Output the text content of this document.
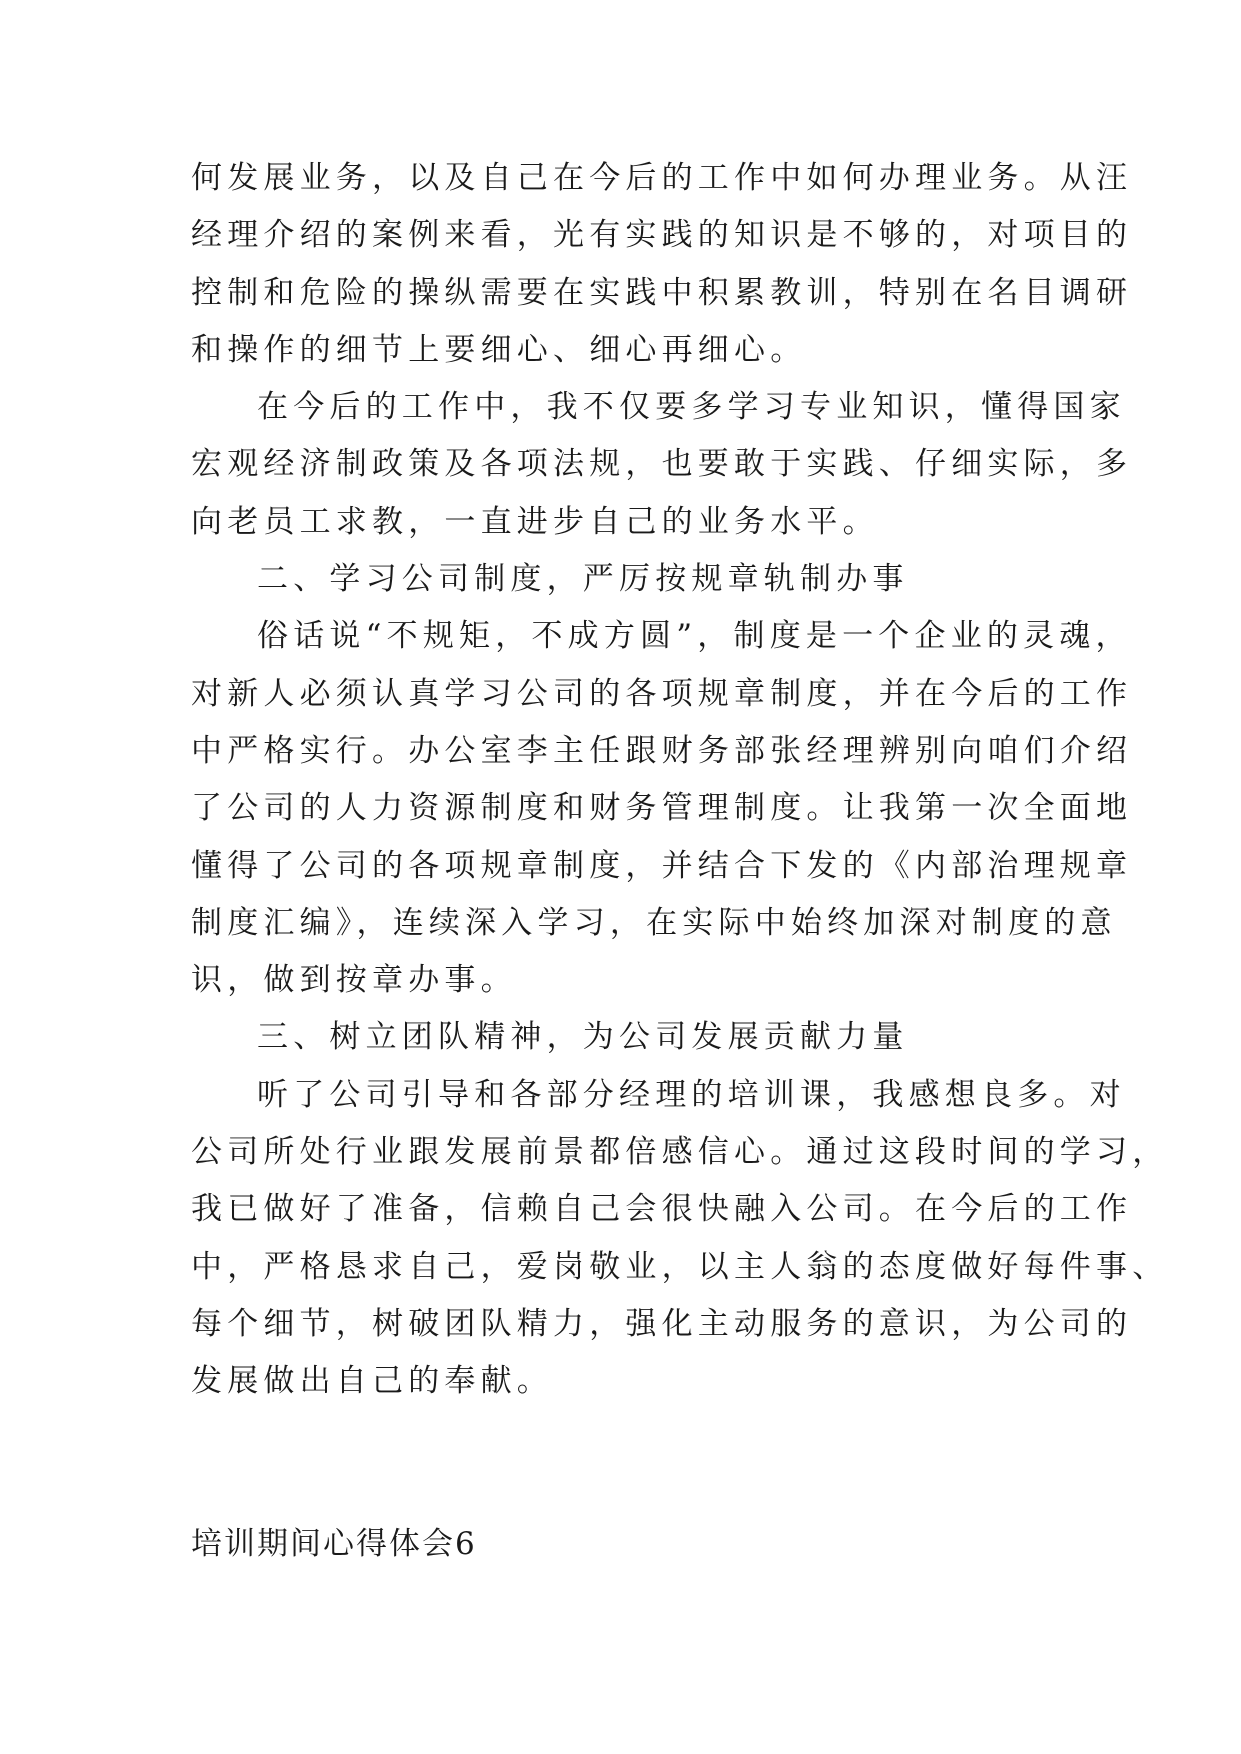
何发展业务，以及自己在今后的工作中如何办理业务。从汪
经理介绍的案例来看，光有实践的知识是不够的，对项目的
控制和危险的操纵需要在实践中积累教训，特别在名目调研
和操作的细节上要细心、细心再细心。
在今后的工作中，我不仅要多学习专业知识，懂得国家
宏观经济制政策及各项法规，也要敢于实践、仔细实际，多
向老员工求教，一直进步自己的业务水平。
二、学习公司制度，严厉按规章轨制办事
俗话说“不规矩，不成方圆”，制度是一个企业的灵魂，
对新人必须认真学习公司的各项规章制度，并在今后的工作
中严格实行。办公室李主任跟财务部张经理辨别向咱们介绍
了公司的人力资源制度和财务管理制度。让我第一次全面地
懂得了公司的各项规章制度，并结合下发的《内部治理规章
制度汇编》，连续深入学习，在实际中始终加深对制度的意
识，做到按章办事。
三、树立团队精神，为公司发展贡献力量
听了公司引导和各部分经理的培训课，我感想良多。对
公司所处行业跟发展前景都倍感信心。通过这段时间的学习，
我已做好了准备，信赖自己会很快融入公司。在今后的工作
中，严格恳求自己，爱岗敬业，以主人翁的态度做好每件事、
每个细节，树破团队精力，强化主动服务的意识，为公司的
发展做出自己的奉献。
培训期间心得体会6
